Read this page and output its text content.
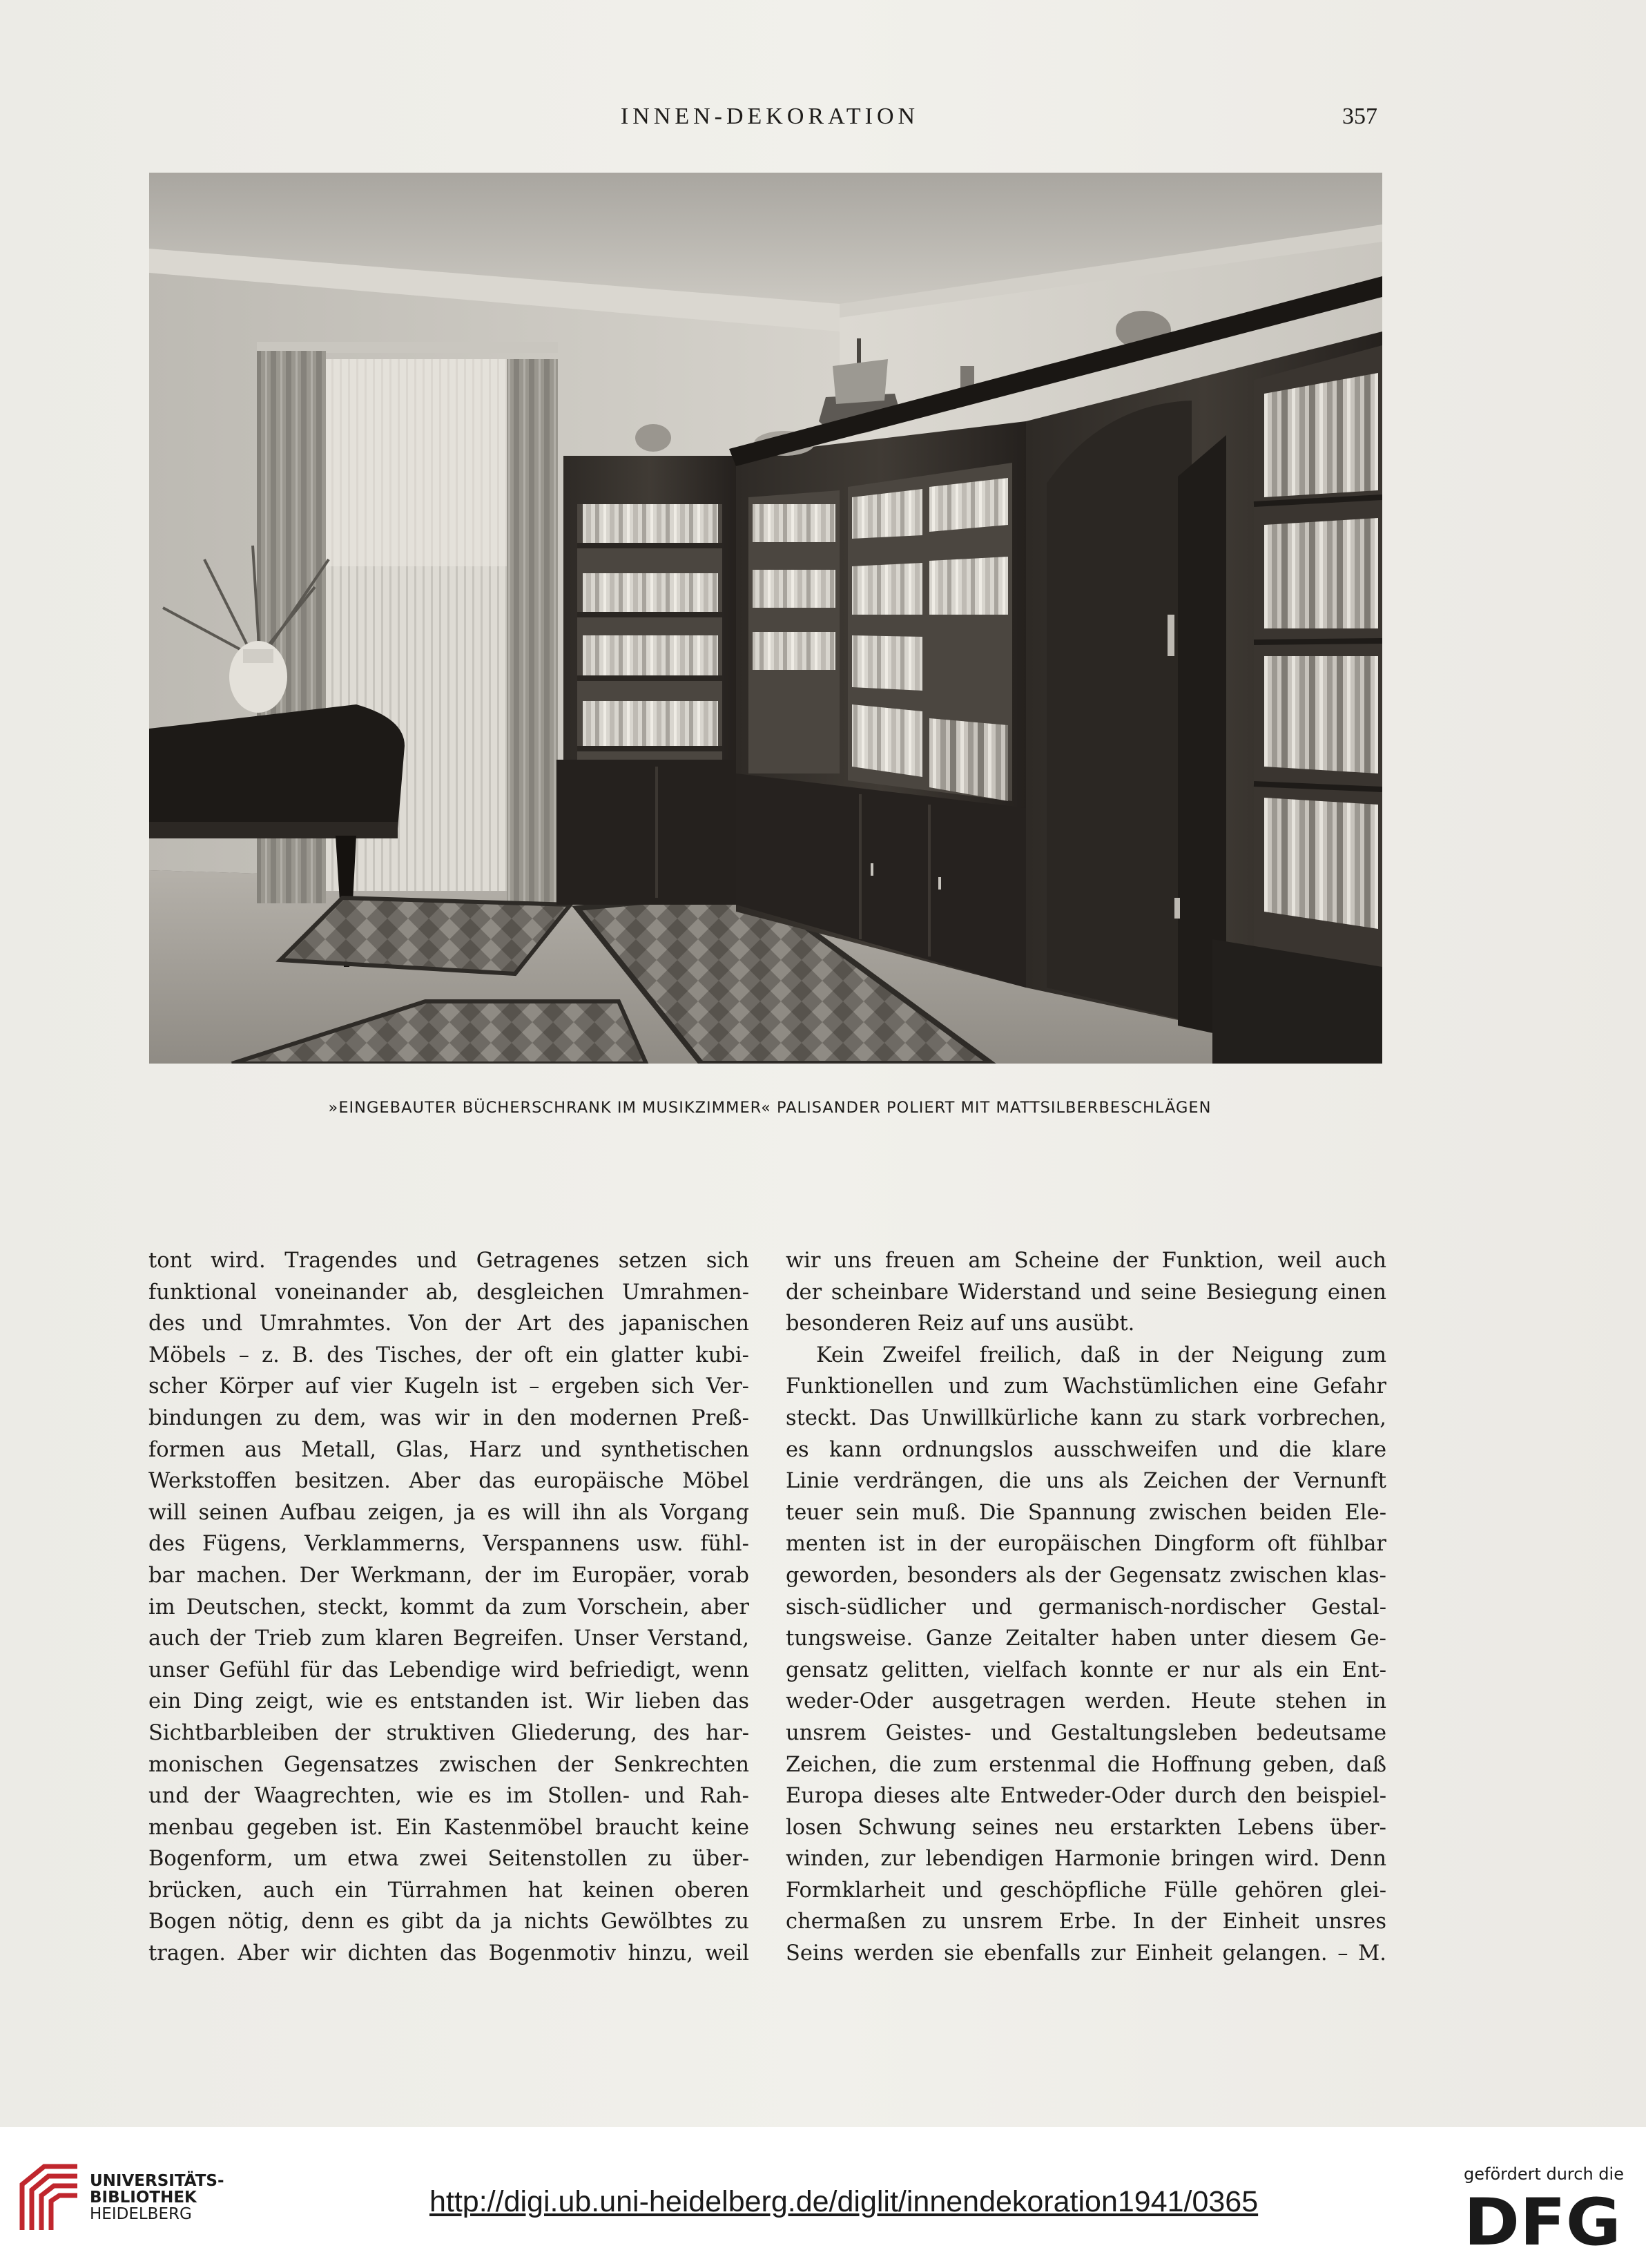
INNEN-DEKORATION	357
»EINGEBAUTER BÜCHERSCHRANK IM MUSIKZIMMER« PALISANDER POLIERT MIT MATTSILBERBESCHLÄGEN
tont wird. Tragendes und Getragenes setzen sich
funktional voneinander ab, desgleichen Umrahmen-
des und Umrahmtes. Von der Art des japanischen
Möbels – z. B. des Tisches, der oft ein glatter kubi-
scher Körper auf vier Kugeln ist – ergeben sich Ver-
bindungen zu dem, was wir in den modernen Preß-
formen aus Metall, Glas, Harz und synthetischen
Werkstoffen besitzen. Aber das europäische Möbel
will seinen Aufbau zeigen, ja es will ihn als Vorgang
des Fügens, Verklammerns, Verspannens usw. fühl-
bar machen. Der Werkmann, der im Europäer, vorab
im Deutschen, steckt, kommt da zum Vorschein, aber
auch der Trieb zum klaren Begreifen. Unser Verstand,
unser Gefühl für das Lebendige wird befriedigt, wenn
ein Ding zeigt, wie es entstanden ist. Wir lieben das
Sichtbarbleiben der struktiven Gliederung, des har-
monischen Gegensatzes zwischen der Senkrechten
und der Waagrechten, wie es im Stollen- und Rah-
menbau gegeben ist. Ein Kastenmöbel braucht keine
Bogenform, um etwa zwei Seitenstollen zu über-
brücken, auch ein Türrahmen hat keinen oberen
Bogen nötig, denn es gibt da ja nichts Gewölbtes zu
tragen. Aber wir dichten das Bogenmotiv hinzu, weil
wir uns freuen am Scheine der Funktion, weil auch
der scheinbare Widerstand und seine Besiegung einen
besonderen Reiz auf uns ausübt.
Kein Zweifel freilich, daß in der Neigung zum
Funktionellen und zum Wachstümlichen eine Gefahr
steckt. Das Unwillkürliche kann zu stark vorbrechen,
es kann ordnungslos ausschweifen und die klare
Linie verdrängen, die uns als Zeichen der Vernunft
teuer sein muß. Die Spannung zwischen beiden Ele-
menten ist in der europäischen Dingform oft fühlbar
geworden, besonders als der Gegensatz zwischen klas-
sisch-südlicher und germanisch-nordischer Gestal-
tungsweise. Ganze Zeitalter haben unter diesem Ge-
gensatz gelitten, vielfach konnte er nur als ein Ent-
weder-Oder ausgetragen werden. Heute stehen in
unsrem Geistes- und Gestaltungsleben bedeutsame
Zeichen, die zum erstenmal die Hoffnung geben, daß
Europa dieses alte Entweder-Oder durch den beispiel-
losen Schwung seines neu erstarkten Lebens über-
winden, zur lebendigen Harmonie bringen wird. Denn
Formklarheit und geschöpfliche Fülle gehören glei-
chermaßen zu unsrem Erbe. In der Einheit unsres
Seins werden sie ebenfalls zur Einheit gelangen. – M.
UNIVERSITÄTS-
BIBLIOTHEK
HEIDELBERG	http://digi.ub.uni-heidelberg.de/diglit/innendekoration1941/0365
gefördert durch die
DFG
